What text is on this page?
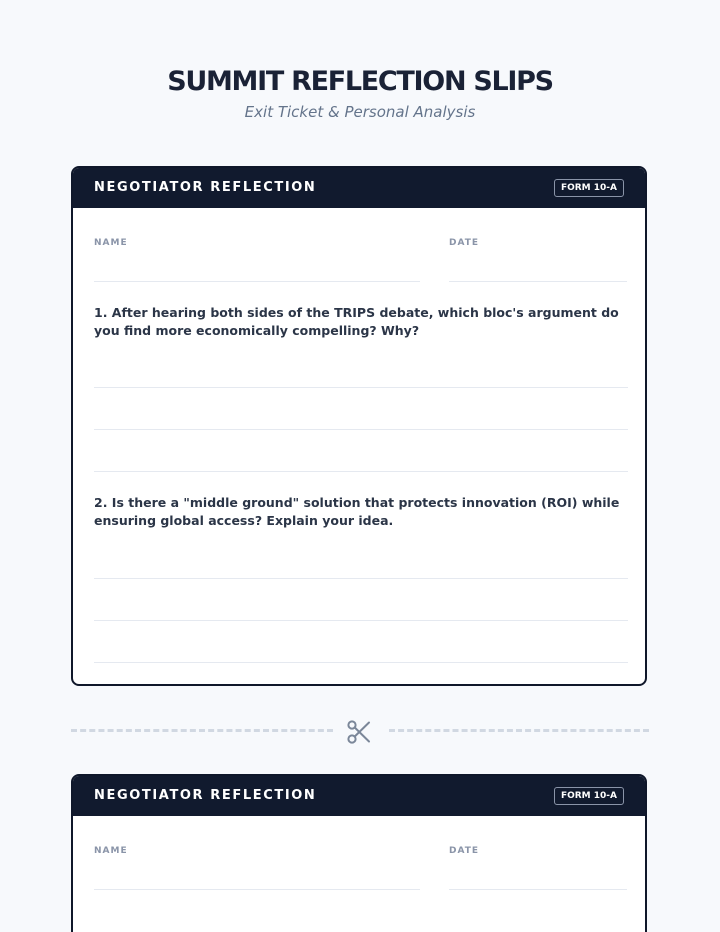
SUMMIT REFLECTION SLIPS
Exit Ticket & Personal Analysis
NEGOTIATOR REFLECTION	FORM 10-A
NAME	DATE
1. After hearing both sides of the TRIPS debate, which bloc's argument do you find more economically compelling? Why?
2. Is there a "middle ground" solution that protects innovation (ROI) while ensuring global access? Explain your idea.
NEGOTIATOR REFLECTION	FORM 10-A
NAME	DATE
